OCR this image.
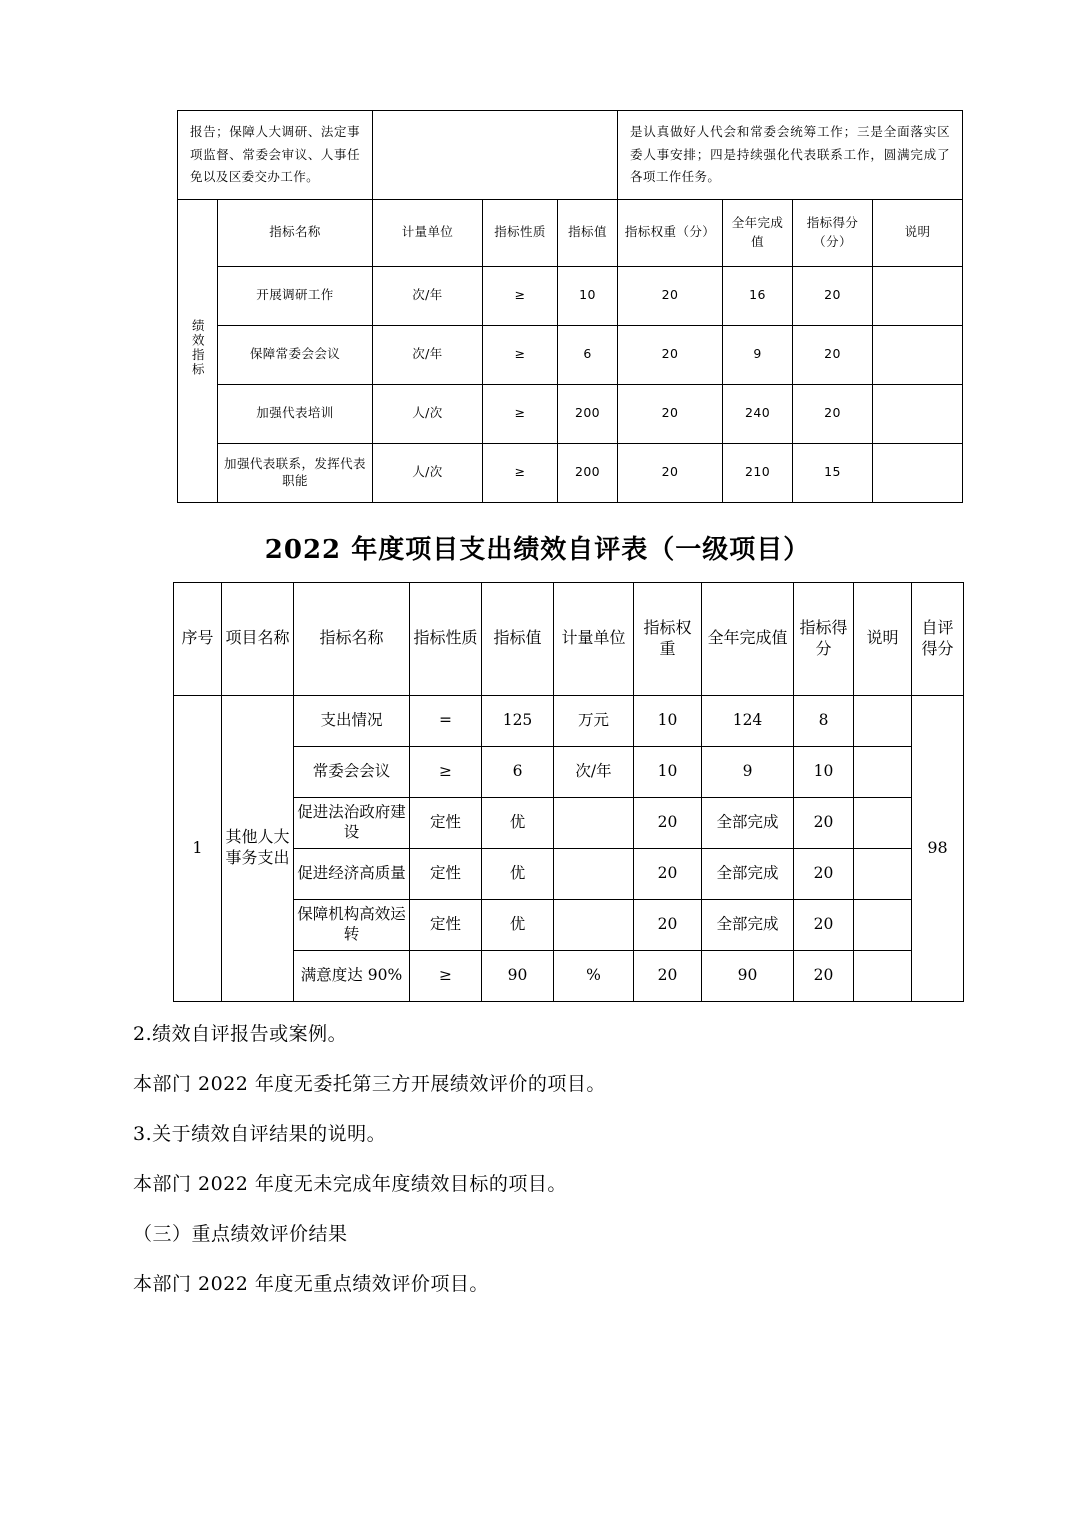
报告；保障人大调研、法定事项监督、常委会审议、人事任免以及区委交办工作。					是认真做好人代会和常委会统筹工作；三是全面落实区委人事安排；四是持续强化代表联系工作，圆满完成了各项工作任务。			
绩效指标	指标名称	计量单位	指标性质	指标值	指标权重（分）	全年完成值	指标得分（分）	说明
	开展调研工作	次/年	≥	10	20	16	20	
	保障常委会会议	次/年	≥	6	20	9	20	
	加强代表培训	人/次	≥	200	20	240	20	
	加强代表联系，发挥代表职能	人/次	≥	200	20	210	15	
2022 年度项目支出绩效自评表（一级项目）
序号	项目名称	指标名称	指标性质	指标值	计量单位	指标权重	全年完成值	指标得分	说明	自评得分
1	其他人大事务支出	支出情况	=	125	万元	10	124	8		98
		常委会会议	≥	6	次/年	10	9	10		
		促进法治政府建设	定性	优		20	全部完成	20		
		促进经济高质量	定性	优		20	全部完成	20		
		保障机构高效运转	定性	优		20	全部完成	20		
		满意度达 90%	≥	90	%	20	90	20		

2.绩效自评报告或案例。

本部门 2022 年度无委托第三方开展绩效评价的项目。

3.关于绩效自评结果的说明。

本部门 2022 年度无未完成年度绩效目标的项目。

（三）重点绩效评价结果

本部门 2022 年度无重点绩效评价项目。
